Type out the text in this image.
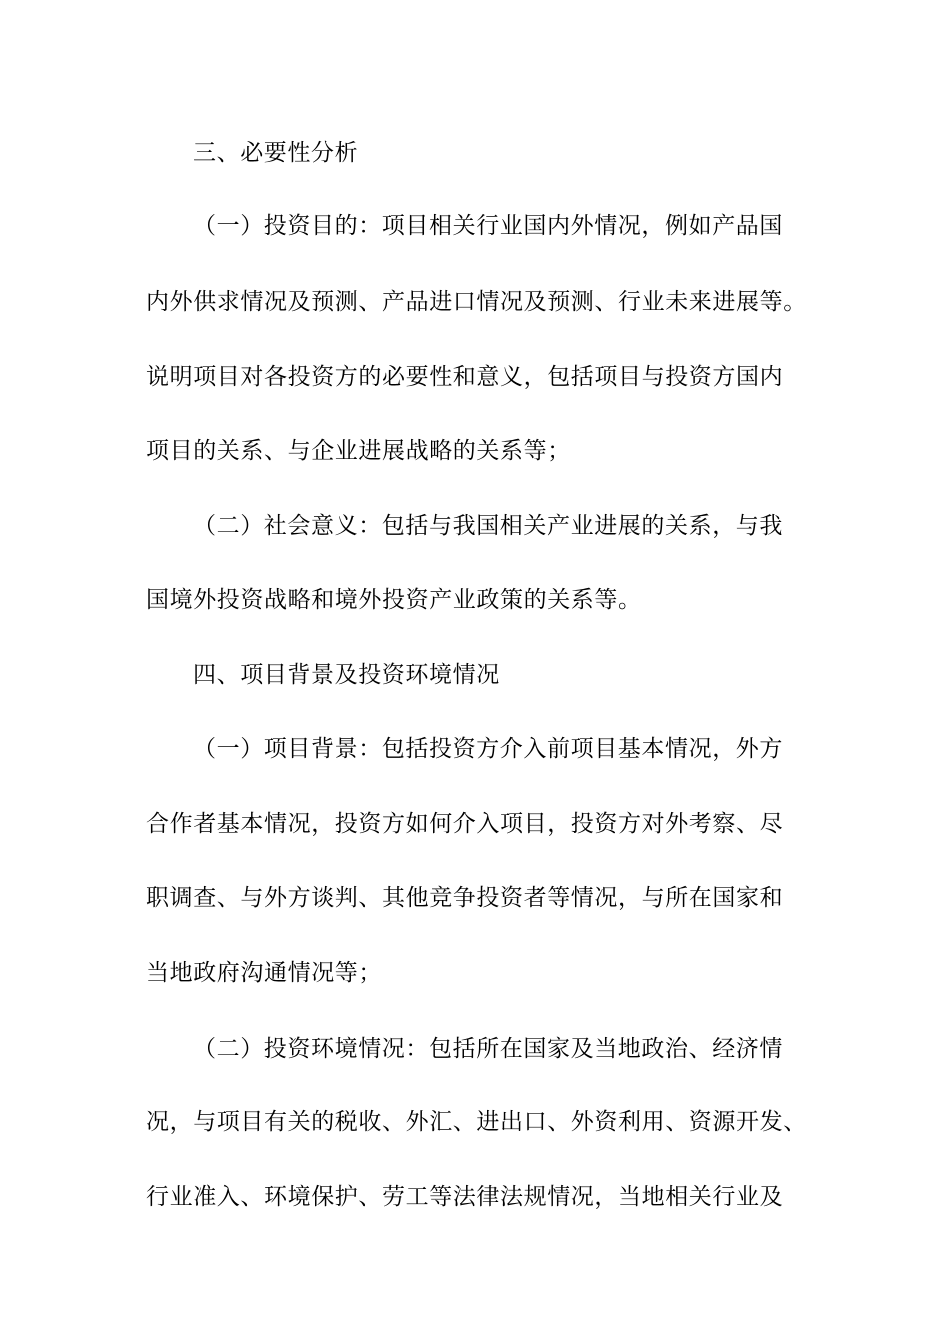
三、必要性分析
（一）投资目的：项目相关行业国内外情况，例如产品国
内外供求情况及预测、产品进口情况及预测、行业未来进展等。
说明项目对各投资方的必要性和意义，包括项目与投资方国内
项目的关系、与企业进展战略的关系等；
（二）社会意义：包括与我国相关产业进展的关系，与我
国境外投资战略和境外投资产业政策的关系等。
四、项目背景及投资环境情况
（一）项目背景：包括投资方介入前项目基本情况，外方
合作者基本情况，投资方如何介入项目，投资方对外考察、尽
职调查、与外方谈判、其他竞争投资者等情况，与所在国家和
当地政府沟通情况等；
（二）投资环境情况：包括所在国家及当地政治、经济情
况，与项目有关的税收、外汇、进出口、外资利用、资源开发、
行业准入、环境保护、劳工等法律法规情况，当地相关行业及
